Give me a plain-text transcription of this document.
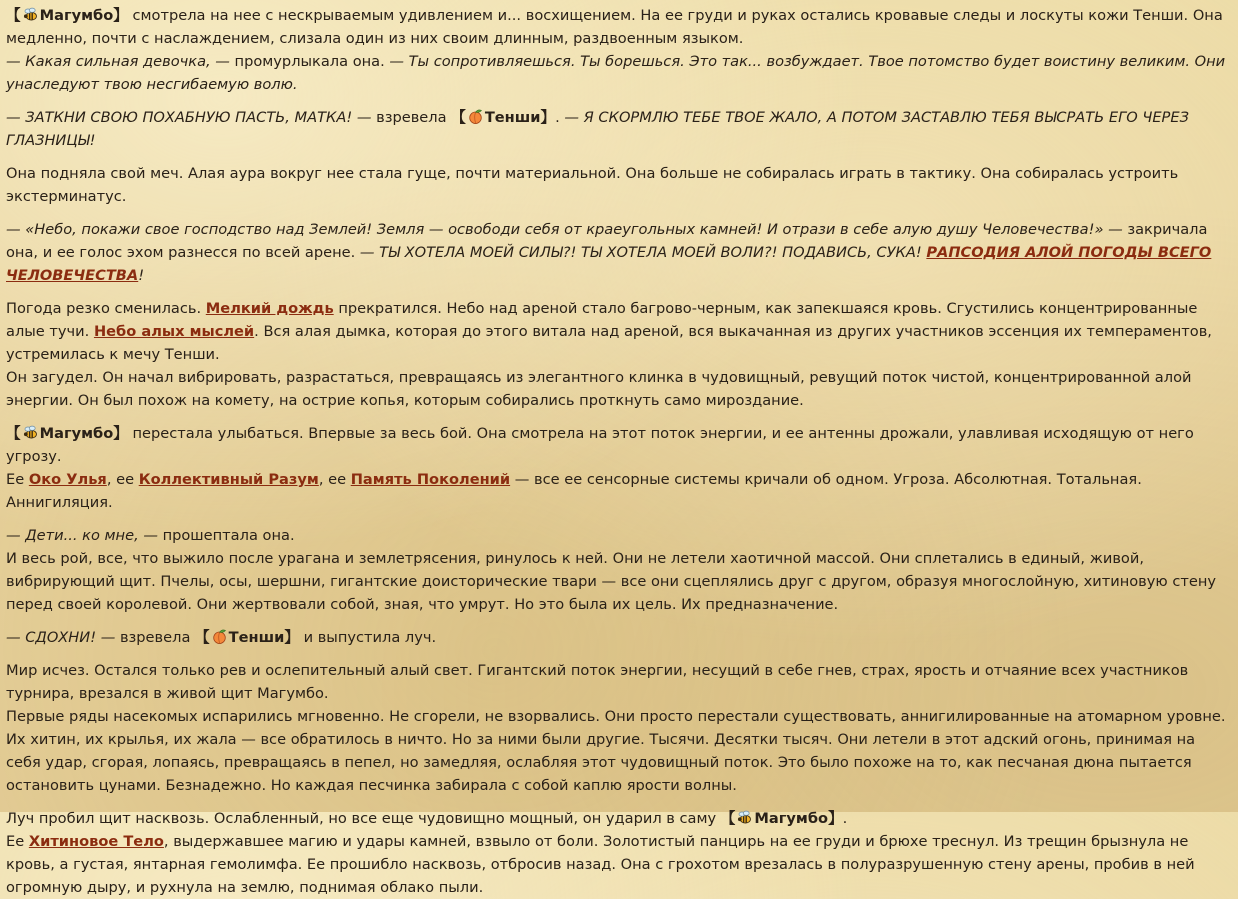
【 Магумбо】 смотрела на нее с нескрываемым удивлением и... восхищением. На ее груди и руках остались кровавые следы и лоскуты кожи Тенши. Она медленно, почти с наслаждением, слизала один из них своим длинным, раздвоенным языком.
— Какая сильная девочка, — промурлыкала она. — Ты сопротивляешься. Ты борешься. Это так... возбуждает. Твое потомство будет воистину великим. Они унаследуют твою несгибаемую волю.

— ЗАТКНИ СВОЮ ПОХАБНУЮ ПАСТЬ, МАТКА! — взревела 【 Тенши】. — Я СКОРМЛЮ ТЕБЕ ТВОЕ ЖАЛО, А ПОТОМ ЗАСТАВЛЮ ТЕБЯ ВЫСРАТЬ ЕГО ЧЕРЕЗ ГЛАЗНИЦЫ!

Она подняла свой меч. Алая аура вокруг нее стала гуще, почти материальной. Она больше не собиралась играть в тактику. Она собиралась устроить экстерминатус.

— «Небо, покажи свое господство над Землей! Земля — освободи себя от краеугольных камней! И отрази в себе алую душу Человечества!» — закричала она, и ее голос эхом разнесся по всей арене. — ТЫ ХОТЕЛА МОЕЙ СИЛЫ?! ТЫ ХОТЕЛА МОЕЙ ВОЛИ?! ПОДАВИСЬ, СУКА! РАПСОДИЯ АЛОЙ ПОГОДЫ ВСЕГО ЧЕЛОВЕЧЕСТВА!

Погода резко сменилась. Мелкий дождь прекратился. Небо над ареной стало багрово-черным, как запекшаяся кровь. Сгустились концентрированные алые тучи. Небо алых мыслей. Вся алая дымка, которая до этого витала над ареной, вся выкачанная из других участников эссенция их темпераментов, устремилась к мечу Тенши.
Он загудел. Он начал вибрировать, разрастаться, превращаясь из элегантного клинка в чудовищный, ревущий поток чистой, концентрированной алой энергии. Он был похож на комету, на острие копья, которым собирались проткнуть само мироздание.

【 Магумбо】 перестала улыбаться. Впервые за весь бой. Она смотрела на этот поток энергии, и ее антенны дрожали, улавливая исходящую от него угрозу.
Ее Око Улья, ее Коллективный Разум, ее Память Поколений — все ее сенсорные системы кричали об одном. Угроза. Абсолютная. Тотальная. Аннигиляция.

— Дети... ко мне, — прошептала она.
И весь рой, все, что выжило после урагана и землетрясения, ринулось к ней. Они не летели хаотичной массой. Они сплетались в единый, живой, вибрирующий щит. Пчелы, осы, шершни, гигантские доисторические твари — все они сцеплялись друг с другом, образуя многослойную, хитиновую стену перед своей королевой. Они жертвовали собой, зная, что умрут. Но это была их цель. Их предназначение.

— СДОХНИ! — взревела 【 Тенши】 и выпустила луч.

Мир исчез. Остался только рев и ослепительный алый свет. Гигантский поток энергии, несущий в себе гнев, страх, ярость и отчаяние всех участников турнира, врезался в живой щит Магумбо.
Первые ряды насекомых испарились мгновенно. Не сгорели, не взорвались. Они просто перестали существовать, аннигилированные на атомарном уровне. Их хитин, их крылья, их жала — все обратилось в ничто. Но за ними были другие. Тысячи. Десятки тысяч. Они летели в этот адский огонь, принимая на себя удар, сгорая, лопаясь, превращаясь в пепел, но замедляя, ослабляя этот чудовищный поток. Это было похоже на то, как песчаная дюна пытается остановить цунами. Безнадежно. Но каждая песчинка забирала с собой каплю ярости волны.

Луч пробил щит насквозь. Ослабленный, но все еще чудовищно мощный, он ударил в саму 【 Магумбо】.
Ее Хитиновое Тело, выдержавшее магию и удары камней, взвыло от боли. Золотистый панцирь на ее груди и брюхе треснул. Из трещин брызнула не кровь, а густая, янтарная гемолимфа. Ее прошибло насквозь, отбросив назад. Она с грохотом врезалась в полуразрушенную стену арены, пробив в ней огромную дыру, и рухнула на землю, поднимая облако пыли.
